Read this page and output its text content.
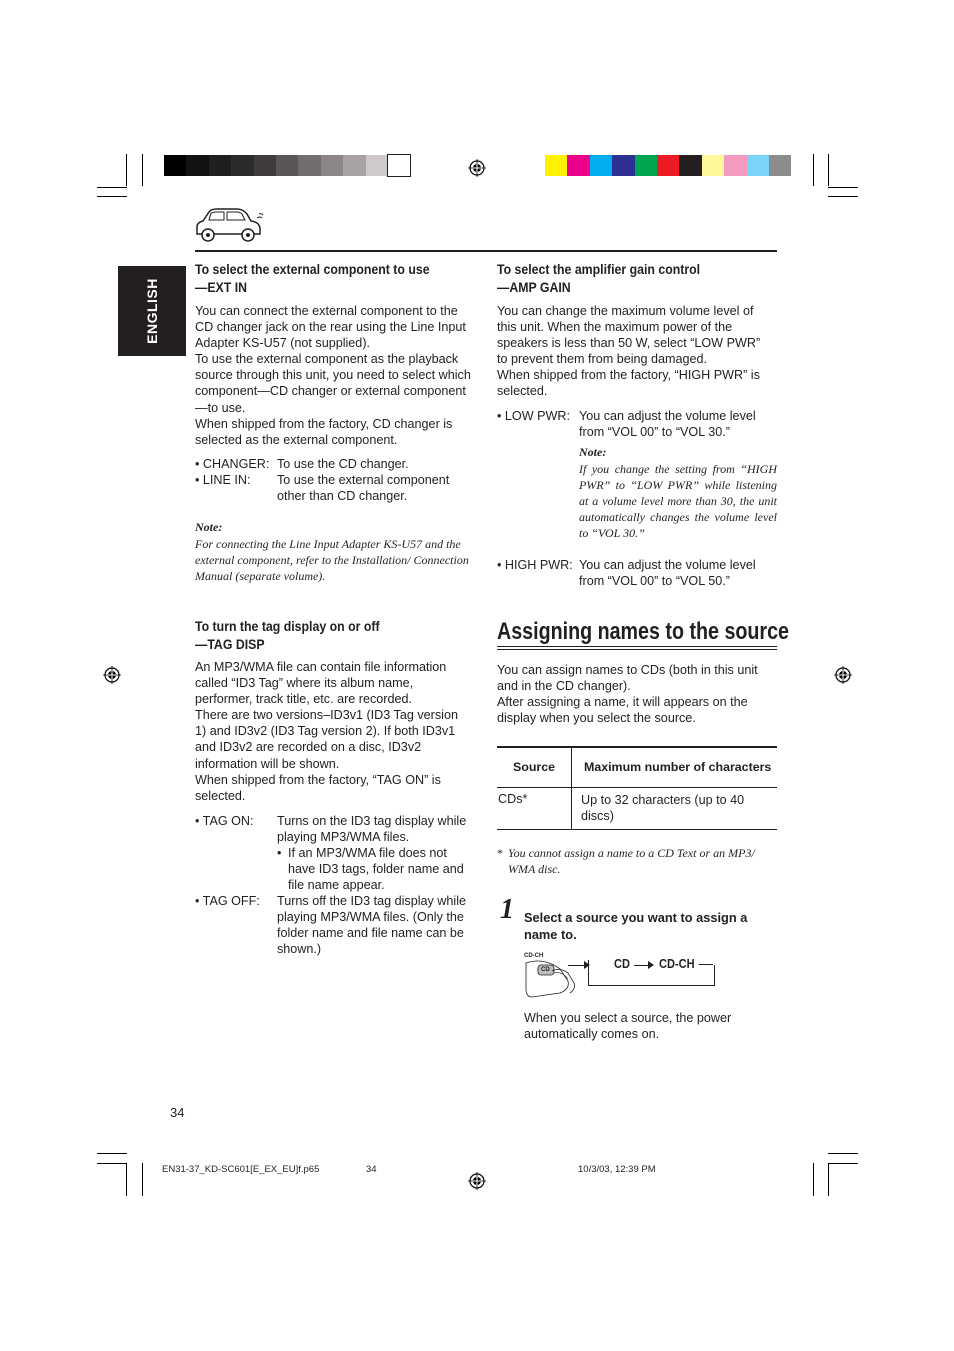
ENGLISH
To select the external component to use
—EXT IN
You can connect the external component to the CD changer jack on the rear using the Line Input Adapter KS-U57 (not supplied).
To use the external component as the playback source through this unit, you need to select which component—CD changer or external component—to use.
When shipped from the factory, CD changer is selected as the external component.
• CHANGER: To use the CD changer.
• LINE IN: To use the external component other than CD changer.
Note:
For connecting the Line Input Adapter KS-U57 and the external component, refer to the Installation/ Connection Manual (separate volume).
To turn the tag display on or off
—TAG DISP
An MP3/WMA file can contain file information called “ID3 Tag” where its album name, performer, track title, etc. are recorded.
There are two versions–ID3v1 (ID3 Tag version 1) and ID3v2 (ID3 Tag version 2). If both ID3v1 and ID3v2 are recorded on a disc, ID3v2 information will be shown.
When shipped from the factory, “TAG ON” is selected.
• TAG ON: Turns on the ID3 tag display while playing MP3/WMA files.
• If an MP3/WMA file does not have ID3 tags, folder name and file name appear.
• TAG OFF: Turns off the ID3 tag display while playing MP3/WMA files. (Only the folder name and file name can be shown.)
34
To select the amplifier gain control
—AMP GAIN
You can change the maximum volume level of this unit. When the maximum power of the speakers is less than 50 W, select “LOW PWR” to prevent them from being damaged.
When shipped from the factory, “HIGH PWR” is selected.
• LOW PWR: You can adjust the volume level from “VOL 00” to “VOL 30.”
Note:
If you change the setting from “HIGH PWR” to “LOW PWR” while listening at a volume level more than 30, the unit automatically changes the volume level to “VOL 30.”
• HIGH PWR: You can adjust the volume level from “VOL 00” to “VOL 50.”
Assigning names to the source
You can assign names to CDs (both in this unit and in the CD changer).
After assigning a name, it will appears on the display when you select the source.
Source	Maximum number of characters
CDs*	Up to 32 characters (up to 40 discs)
* You cannot assign a name to a CD Text or an MP3/ WMA disc.
1 Select a source you want to assign a name to.
CD-CH
CD	CD CD-CH
When you select a source, the power automatically comes on.
EN31-37_KD-SC601[E_EX_EU]f.p65	34	10/3/03, 12:39 PM
